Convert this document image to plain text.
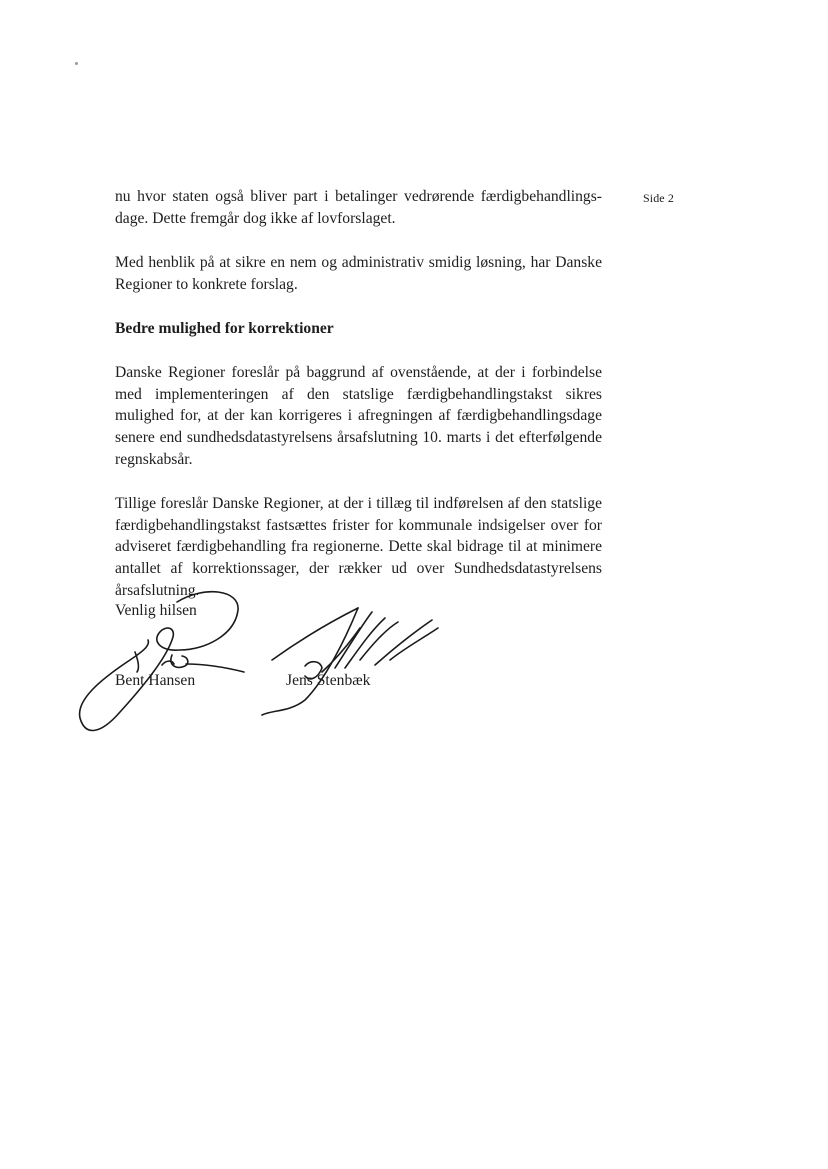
Side 2

nu hvor staten også bliver part i betalinger vedrørende færdigbehandlings-dage. Dette fremgår dog ikke af lovforslaget.

Med henblik på at sikre en nem og administrativ smidig løsning, har Danske Regioner to konkrete forslag.

Bedre mulighed for korrektioner

Danske Regioner foreslår på baggrund af ovenstående, at der i forbindelse med implementeringen af den statslige færdigbehandlingstakst sikres mulighed for, at der kan korrigeres i afregningen af færdigbehandlingsdage senere end sundhedsdatastyrelsens årsafslutning 10. marts i det efterfølgende regnskabsår.

Tillige foreslår Danske Regioner, at der i tillæg til indførelsen af den statslige færdigbehandlingstakst fastsættes frister for kommunale indsigelser over for adviseret færdigbehandling fra regionerne. Dette skal bidrage til at minimere antallet af korrektionssager, der rækker ud over Sundhedsdatastyrelsens årsafslutning.

Venlig hilsen
Bent Hansen	Jens Stenbæk
